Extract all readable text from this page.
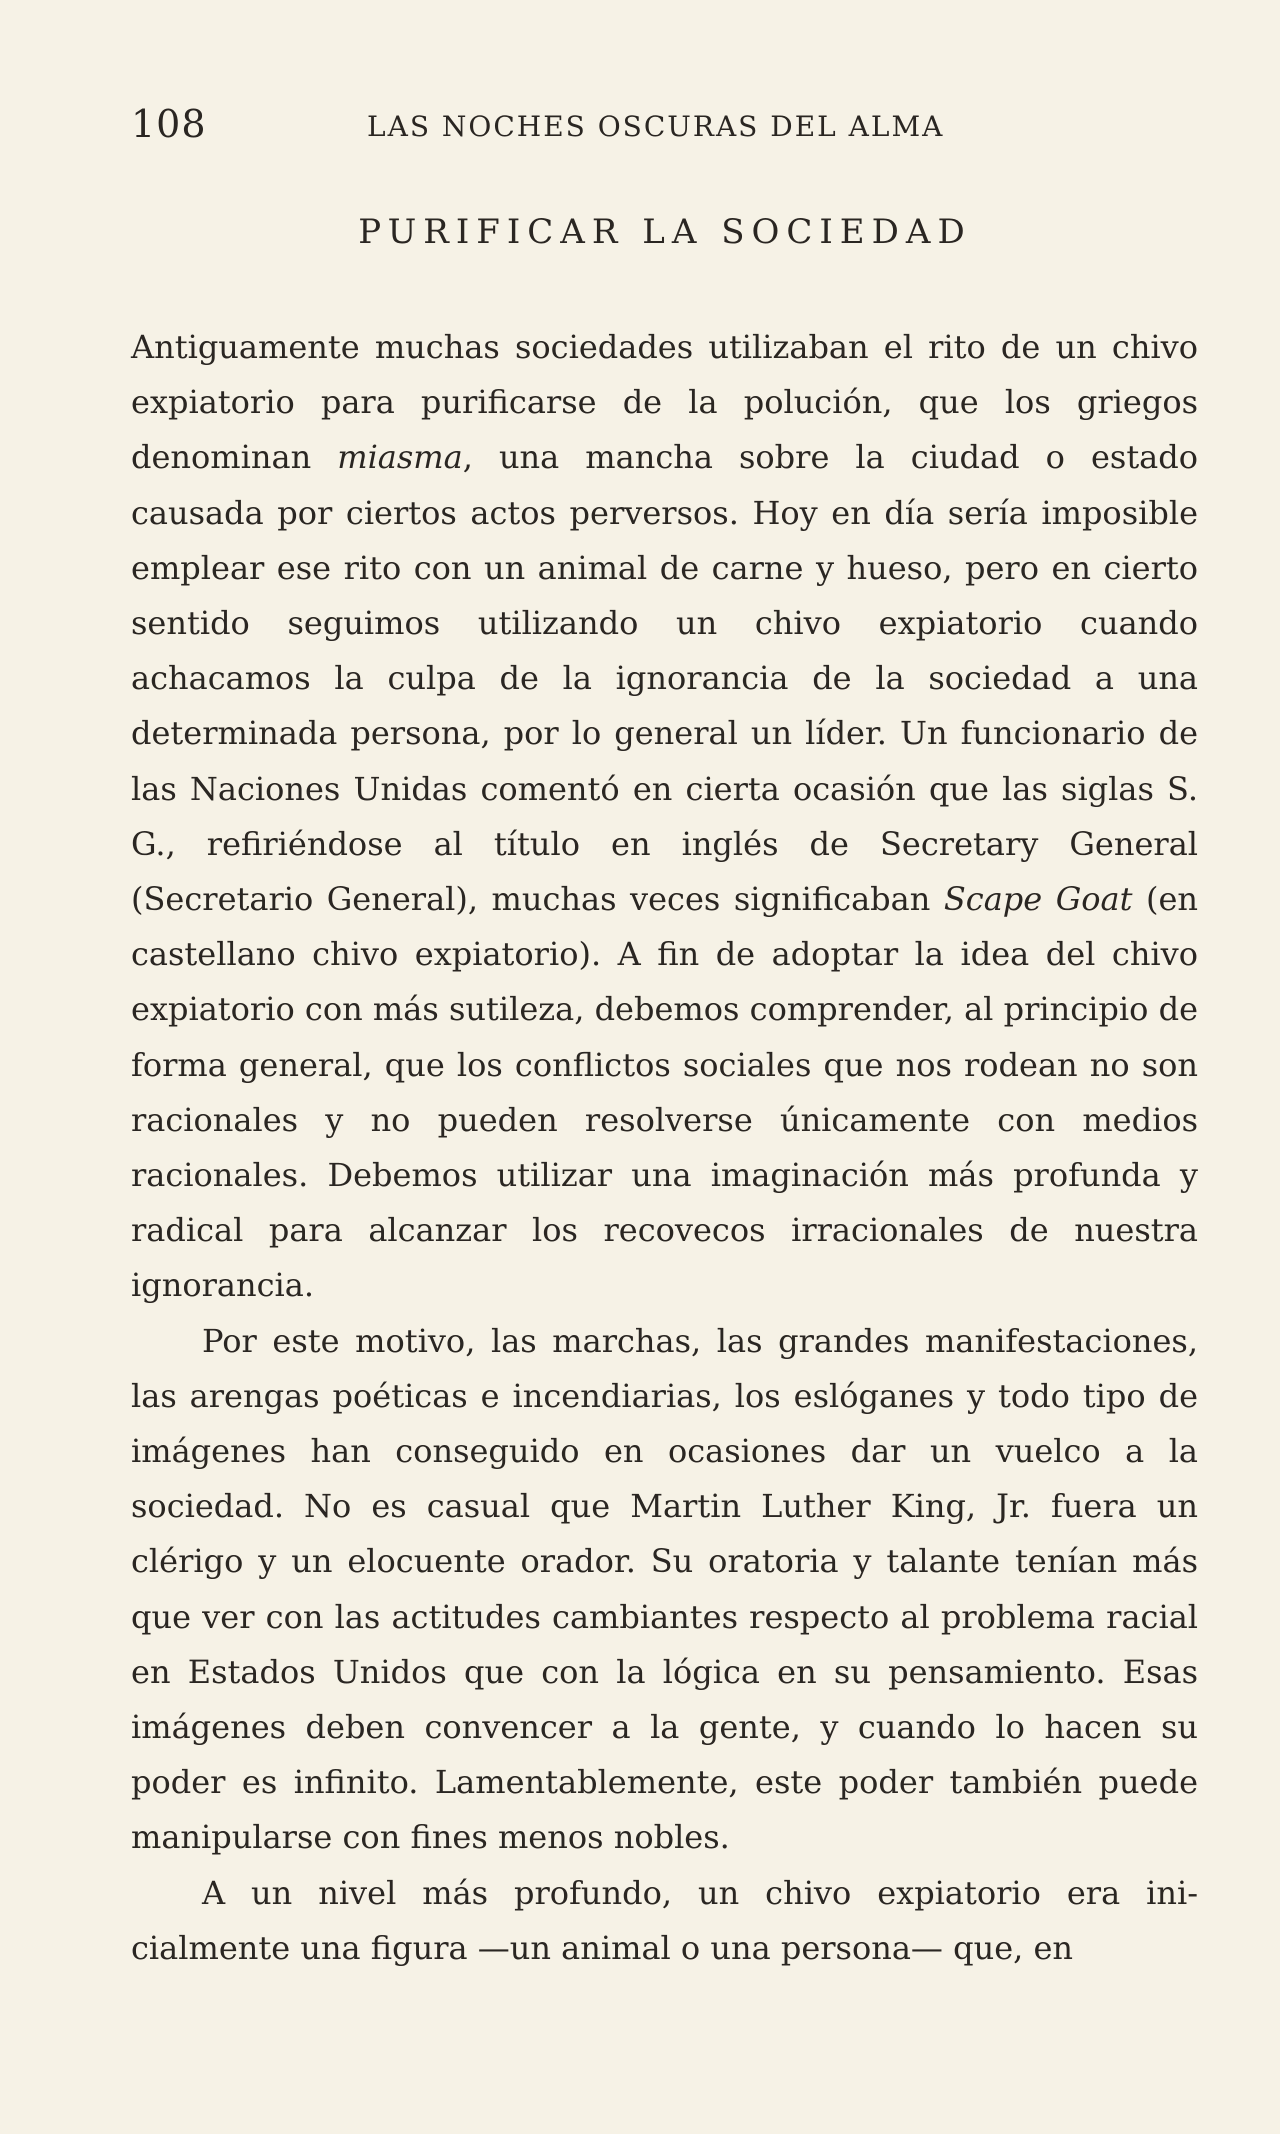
108	LAS NOCHES OSCURAS DEL ALMA
PURIFICAR LA SOCIEDAD

Antiguamente muchas sociedades utilizaban el rito de un chivo expiatorio para purificarse de la polución, que los griegos denominan miasma, una mancha sobre la ciudad o estado causada por ciertos actos perversos. Hoy en día sería imposible emplear ese rito con un animal de carne y hueso, pero en cierto sentido seguimos utilizando un chivo expiatorio cuando achacamos la culpa de la ignorancia de la sociedad a una determinada persona, por lo general un líder. Un funcionario de las Naciones Unidas comentó en cierta ocasión que las siglas S. G., refiriéndose al título en inglés de Secretary General (Secretario General), muchas veces significaban Scape Goat (en castellano chivo expiatorio). A fin de adoptar la idea del chivo expiatorio con más sutileza, debemos comprender, al principio de forma general, que los conflictos sociales que nos rodean no son racionales y no pueden resolverse únicamente con medios racionales. Debemos utilizar una imaginación más profunda y radical para alcanzar los recovecos irracionales de nuestra ignorancia.

Por este motivo, las marchas, las grandes manifestaciones, las arengas poéticas e incendiarias, los eslóganes y todo tipo de imágenes han conseguido en ocasiones dar un vuelco a la sociedad. No es casual que Martin Luther King, Jr. fuera un clérigo y un elocuente orador. Su oratoria y talante tenían más que ver con las actitudes cambiantes respecto al problema racial en Estados Unidos que con la lógica en su pensamiento. Esas imágenes deben convencer a la gente, y cuando lo hacen su poder es infinito. Lamentablemente, este poder también puede manipularse con fines menos nobles.

A un nivel más profundo, un chivo expiatorio era inicialmente una figura —un animal o una persona— que, en
